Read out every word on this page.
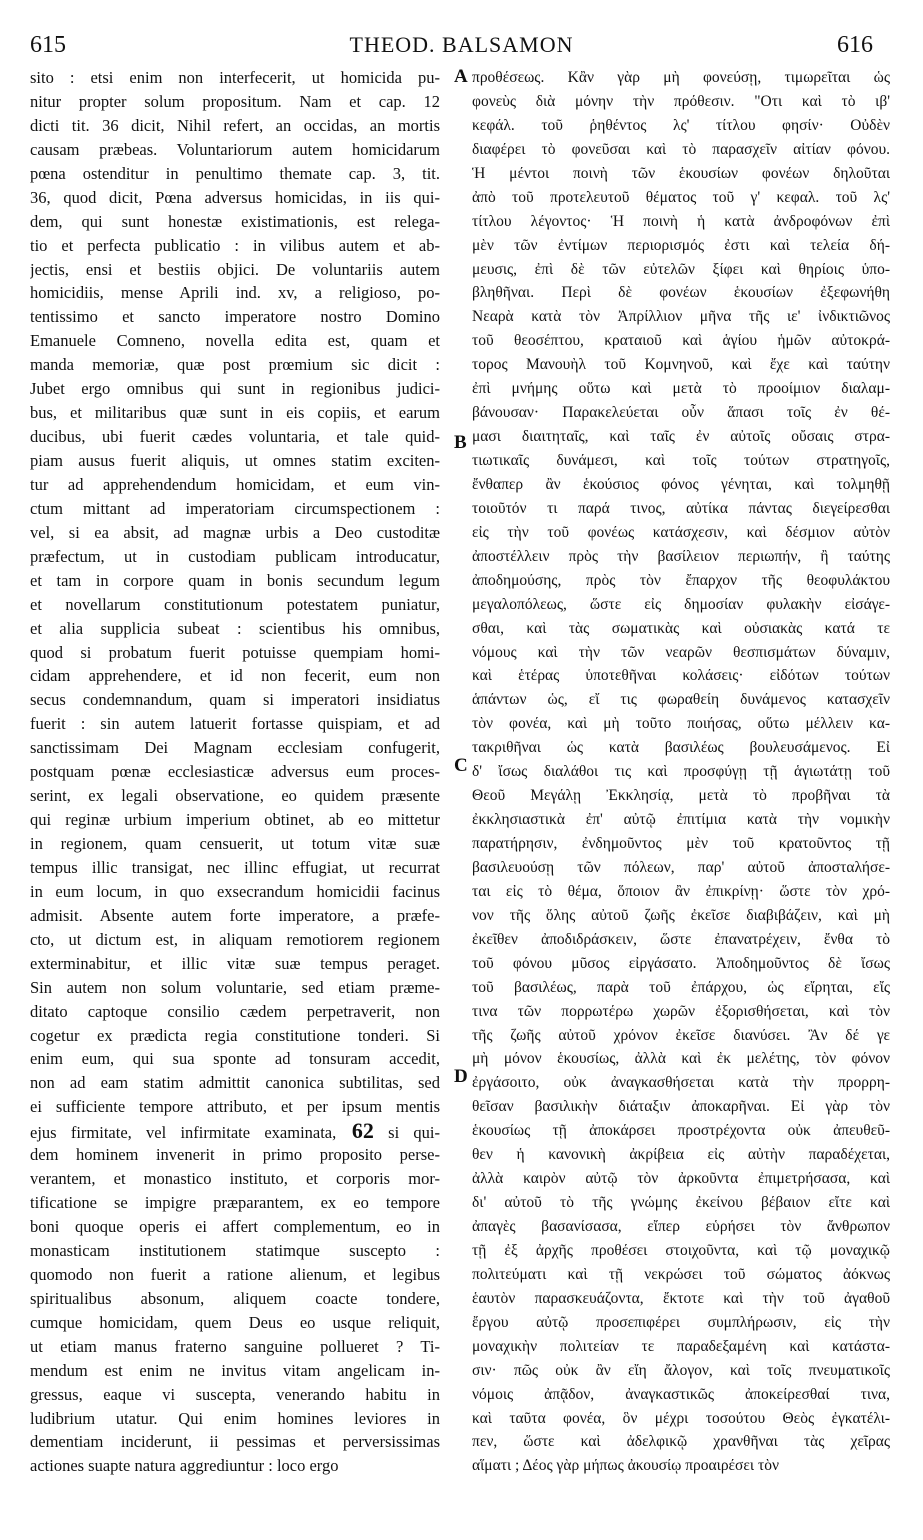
615	THEOD. BALSAMON	616
A
B
C
D
sito : etsi enim non interfecerit, ut homicida pu-
nitur propter solum propositum. Nam et cap. 12
dicti tit. 36 dicit, Nihil refert, an occidas, an mortis
causam præbeas. Voluntariorum autem homicidarum
pœna ostenditur in penultimo themate cap. 3, tit.
36, quod dicit, Pœna adversus homicidas, in iis qui-
dem, qui sunt honestæ existimationis, est relega-
tio et perfecta publicatio : in vilibus autem et ab-
jectis, ensi et bestiis objici. De voluntariis autem
homicidiis, mense Aprili ind. xv, a religioso, po-
tentissimo et sancto imperatore nostro Domino
Emanuele Comneno, novella edita est, quam et
manda memoriæ, quæ post prœmium sic dicit :
Jubet ergo omnibus qui sunt in regionibus judici-
bus, et militaribus quæ sunt in eis copiis, et earum
ducibus, ubi fuerit cædes voluntaria, et tale quid-
piam ausus fuerit aliquis, ut omnes statim exciten-
tur ad apprehendendum homicidam, et eum vin-
ctum mittant ad imperatoriam circumspectionem :
vel, si ea absit, ad magnæ urbis a Deo custoditæ
præfectum, ut in custodiam publicam introducatur,
et tam in corpore quam in bonis secundum legum
et novellarum constitutionum potestatem puniatur,
et alia supplicia subeat : scientibus his omnibus,
quod si probatum fuerit potuisse quempiam homi-
cidam apprehendere, et id non fecerit, eum non
secus condemnandum, quam si imperatori insidiatus
fuerit : sin autem latuerit fortasse quispiam, et ad
sanctissimam Dei Magnam ecclesiam confugerit,
postquam pœnæ ecclesiasticæ adversus eum proces-
serint, ex legali observatione, eo quidem præsente
qui reginæ urbium imperium obtinet, ab eo mittetur
in regionem, quam censuerit, ut totum vitæ suæ
tempus illic transigat, nec illinc effugiat, ut recurrat
in eum locum, in quo exsecrandum homicidii facinus
admisit. Absente autem forte imperatore, a præfe-
cto, ut dictum est, in aliquam remotiorem regionem
exterminabitur, et illic vitæ suæ tempus peraget.
Sin autem non solum voluntarie, sed etiam præme-
ditato captoque consilio cædem perpetraverit, non
cogetur ex prædicta regia constitutione tonderi. Si
enim eum, qui sua sponte ad tonsuram accedit,
non ad eam statim admittit canonica subtilitas, sed
ei sufficiente tempore attributo, et per ipsum mentis
ejus firmitate, vel infirmitate examinata, 62 si qui-
dem hominem invenerit in primo proposito perse-
verantem, et monastico instituto, et corporis mor-
tificatione se impigre præparantem, ex eo tempore
boni quoque operis ei affert complementum, eo in
monasticam institutionem statimque suscepto :
quomodo non fuerit a ratione alienum, et legibus
spiritualibus absonum, aliquem coacte tondere,
cumque homicidam, quem Deus eo usque reliquit,
ut etiam manus fraterno sanguine pollueret ? Ti-
mendum est enim ne invitus vitam angelicam in-
gressus, eaque vi suscepta, venerando habitu in
ludibrium utatur. Qui enim homines leviores in
dementiam inciderunt, ii pessimas et perversissimas
actiones suapte natura aggrediuntur : loco ergo
προθέσεως. Κἂν γὰρ μὴ φονεύσῃ, τιμωρεῖται ὡς
φονεὺς διὰ μόνην τὴν πρόθεσιν. "Οτι καὶ τὸ ιβ'
κεφάλ. τοῦ ῥηθέντος λς' τίτλου φησίν· Οὐδὲν
διαφέρει τὸ φονεῦσαι καὶ τὸ παρασχεῖν αἰτίαν φόνου.
Ἡ μέντοι ποινὴ τῶν ἑκουσίων φονέων δηλοῦται
ἀπὸ τοῦ προτελευτοῦ θέματος τοῦ γ' κεφαλ. τοῦ λς'
τίτλου λέγοντος· Ἡ ποινὴ ἡ κατὰ ἀνδροφόνων ἐπὶ
μὲν τῶν ἐντίμων περιορισμός ἐστι καὶ τελεία δή-
μευσις, ἐπὶ δὲ τῶν εὐτελῶν ξίφει καὶ θηρίοις ὑπο-
βληθῆναι. Περὶ δὲ φονέων ἑκουσίων ἐξεφωνήθη
Νεαρὰ κατὰ τὸν Ἀπρίλλιον μῆνα τῆς ιε' ἰνδικτιῶνος
τοῦ θεοσέπτου, κραταιοῦ καὶ ἁγίου ἡμῶν αὐτοκρά-
τορος Μανουὴλ τοῦ Κομνηνοῦ, καὶ ἔχε καὶ ταύτην
ἐπὶ μνήμης οὕτω καὶ μετὰ τὸ προοίμιον διαλαμ-
βάνουσαν· Παρακελεύεται οὖν ἅπασι τοῖς ἐν θέ-
μασι διαιτηταῖς, καὶ ταῖς ἐν αὐτοῖς οὔσαις στρα-
τιωτικαῖς δυνάμεσι, καὶ τοῖς τούτων στρατηγοῖς,
ἔνθαπερ ἂν ἑκούσιος φόνος γένηται, καὶ τολμηθῇ
τοιοῦτόν τι παρά τινος, αὐτίκα πάντας διεγείρεσθαι
εἰς τὴν τοῦ φονέως κατάσχεσιν, καὶ δέσμιον αὐτὸν
ἀποστέλλειν πρὸς τὴν βασίλειον περιωπήν, ἢ ταύτης
ἀποδημούσης, πρὸς τὸν ἔπαρχον τῆς θεοφυλάκτου
μεγαλοπόλεως, ὥστε εἰς δημοσίαν φυλακὴν εἰσάγε-
σθαι, καὶ τὰς σωματικὰς καὶ οὐσιακὰς κατά τε
νόμους καὶ τὴν τῶν νεαρῶν θεσπισμάτων δύναμιν,
καὶ ἑτέρας ὑποτεθῆναι κολάσεις· εἰδότων τούτων
ἁπάντων ὡς, εἴ τις φωραθείη δυνάμενος κατασχεῖν
τὸν φονέα, καὶ μὴ τοῦτο ποιήσας, οὕτω μέλλειν κα-
τακριθῆναι ὡς κατὰ βασιλέως βουλευσάμενος. Εἰ
δ' ἴσως διαλάθοι τις καὶ προσφύγῃ τῇ ἁγιωτάτῃ τοῦ
Θεοῦ Μεγάλῃ Ἐκκλησίᾳ, μετὰ τὸ προβῆναι τὰ
ἐκκλησιαστικὰ ἐπ' αὐτῷ ἐπιτίμια κατὰ τὴν νομικὴν
παρατήρησιν, ἐνδημοῦντος μὲν τοῦ κρατοῦντος τῇ
βασιλευούσῃ τῶν πόλεων, παρ' αὐτοῦ ἀποσταλήσε-
ται εἰς τὸ θέμα, ὅποιον ἂν ἐπικρίνῃ· ὥστε τὸν χρό-
νον τῆς ὅλης αὐτοῦ ζωῆς ἐκεῖσε διαβιβάζειν, καὶ μὴ
ἐκεῖθεν ἀποδιδράσκειν, ὥστε ἐπανατρέχειν, ἔνθα τὸ
τοῦ φόνου μῦσος εἰργάσατο. Ἀποδημοῦντος δὲ ἴσως
τοῦ βασιλέως, παρὰ τοῦ ἐπάρχου, ὡς εἴρηται, εἴς
τινα τῶν πορρωτέρω χωρῶν ἐξορισθήσεται, καὶ τὸν
τῆς ζωῆς αὐτοῦ χρόνον ἐκεῖσε διανύσει. Ἂν δέ γε
μὴ μόνον ἑκουσίως, ἀλλὰ καὶ ἐκ μελέτης, τὸν φόνον
ἐργάσοιτο, οὐκ ἀναγκασθήσεται κατὰ τὴν προρρη-
θεῖσαν βασιλικὴν διάταξιν ἀποκαρῆναι. Εἰ γὰρ τὸν
ἑκουσίως τῇ ἀποκάρσει προστρέχοντα οὐκ ἀπευθεῦ-
θεν ἡ κανονικὴ ἀκρίβεια εἰς αὐτὴν παραδέχεται,
ἀλλὰ καιρὸν αὐτῷ τὸν ἀρκοῦντα ἐπιμετρήσασα, καὶ
δι' αὐτοῦ τὸ τῆς γνώμης ἐκείνου βέβαιον εἴτε καὶ
ἀπαγὲς βασανίσασα, εἴπερ εὑρήσει τὸν ἄνθρωπον
τῇ ἐξ ἀρχῆς προθέσει στοιχοῦντα, καὶ τῷ μοναχικῷ
πολιτεύματι καὶ τῇ νεκρώσει τοῦ σώματος ἀόκνως
ἑαυτὸν παρασκευάζοντα, ἔκτοτε καὶ τὴν τοῦ ἀγαθοῦ
ἔργου αὐτῷ προσεπιφέρει συμπλήρωσιν, εἰς τὴν
μοναχικὴν πολιτείαν τε παραδεξαμένη καὶ κατάστα-
σιν· πῶς οὐκ ἂν εἴη ἄλογον, καὶ τοῖς πνευματικοῖς
νόμοις ἀπᾷδον, ἀναγκαστικῶς ἀποκείρεσθαί τινα,
καὶ ταῦτα φονέα, ὃν μέχρι τοσούτου Θεὸς ἐγκατέλι-
πεν, ὥστε καὶ ἀδελφικῷ χρανθῆναι τὰς χεῖρας
αἵματι ; Δέος γὰρ μήπως ἀκουσίῳ προαιρέσει τὸν
